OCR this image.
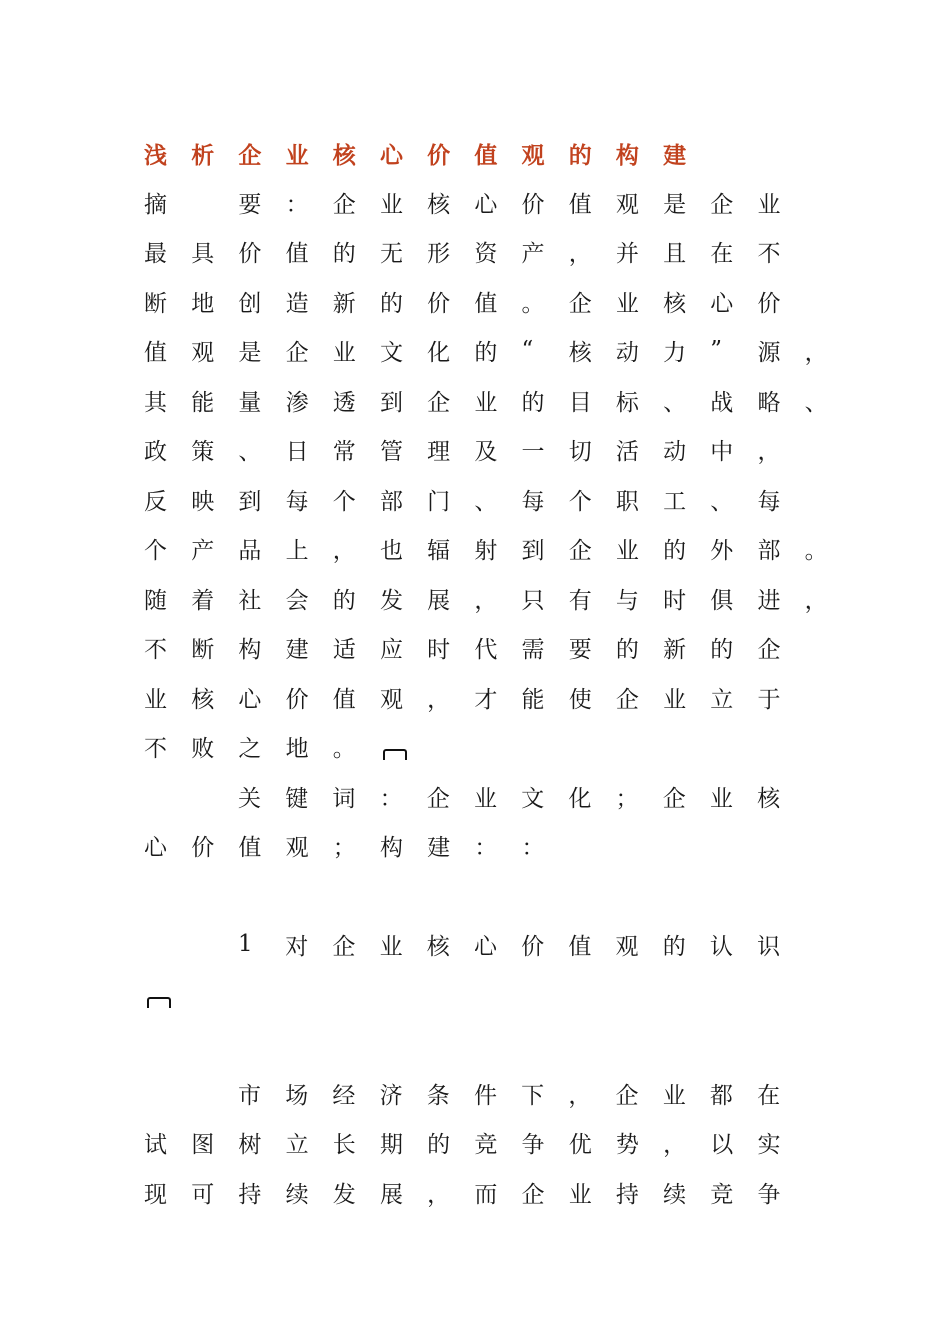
浅	析	企	业	核	心	价	值	观	的	构	建
摘
　	要	：	企	业	核	心	价	值	观	是	企	业
最	具	价	值	的	无	形	资	产	，	并	且	在	不
断	地	创	造	新	的	价	值	。	企	业	核	心	价
值	观	是	企	业	文	化	的	“	核	动	力	”	源	，
其	能	量	渗	透	到	企	业	的	目	标	、	战	略	、
政	策	、	日	常	管	理	及	一	切	活	动	中	，
反	映	到	每	个	部	门	、	每	个	职	工	、	每
个	产	品	上	，	也	辐	射	到	企	业	的	外	部	。
随	着	社	会	的	发	展	，	只	有	与	时	俱	进	，
不	断	构	建	适	应	时	代	需	要	的	新	的	企
业	核	心	价	值	观	，	才	能	使	企	业	立	于
不	败	之	地	。
关	键	词	：	企	业	文	化	；	企	业	核
心	价	值	观	；	构	建	：	：
1	对	企	业	核	心	价	值	观	的	认	识
市	场	经	济	条	件	下	，	企	业	都	在
试	图	树	立	长	期	的	竞	争	优	势	，	以	实
现	可	持	续	发	展	，	而	企	业	持	续	竞	争
